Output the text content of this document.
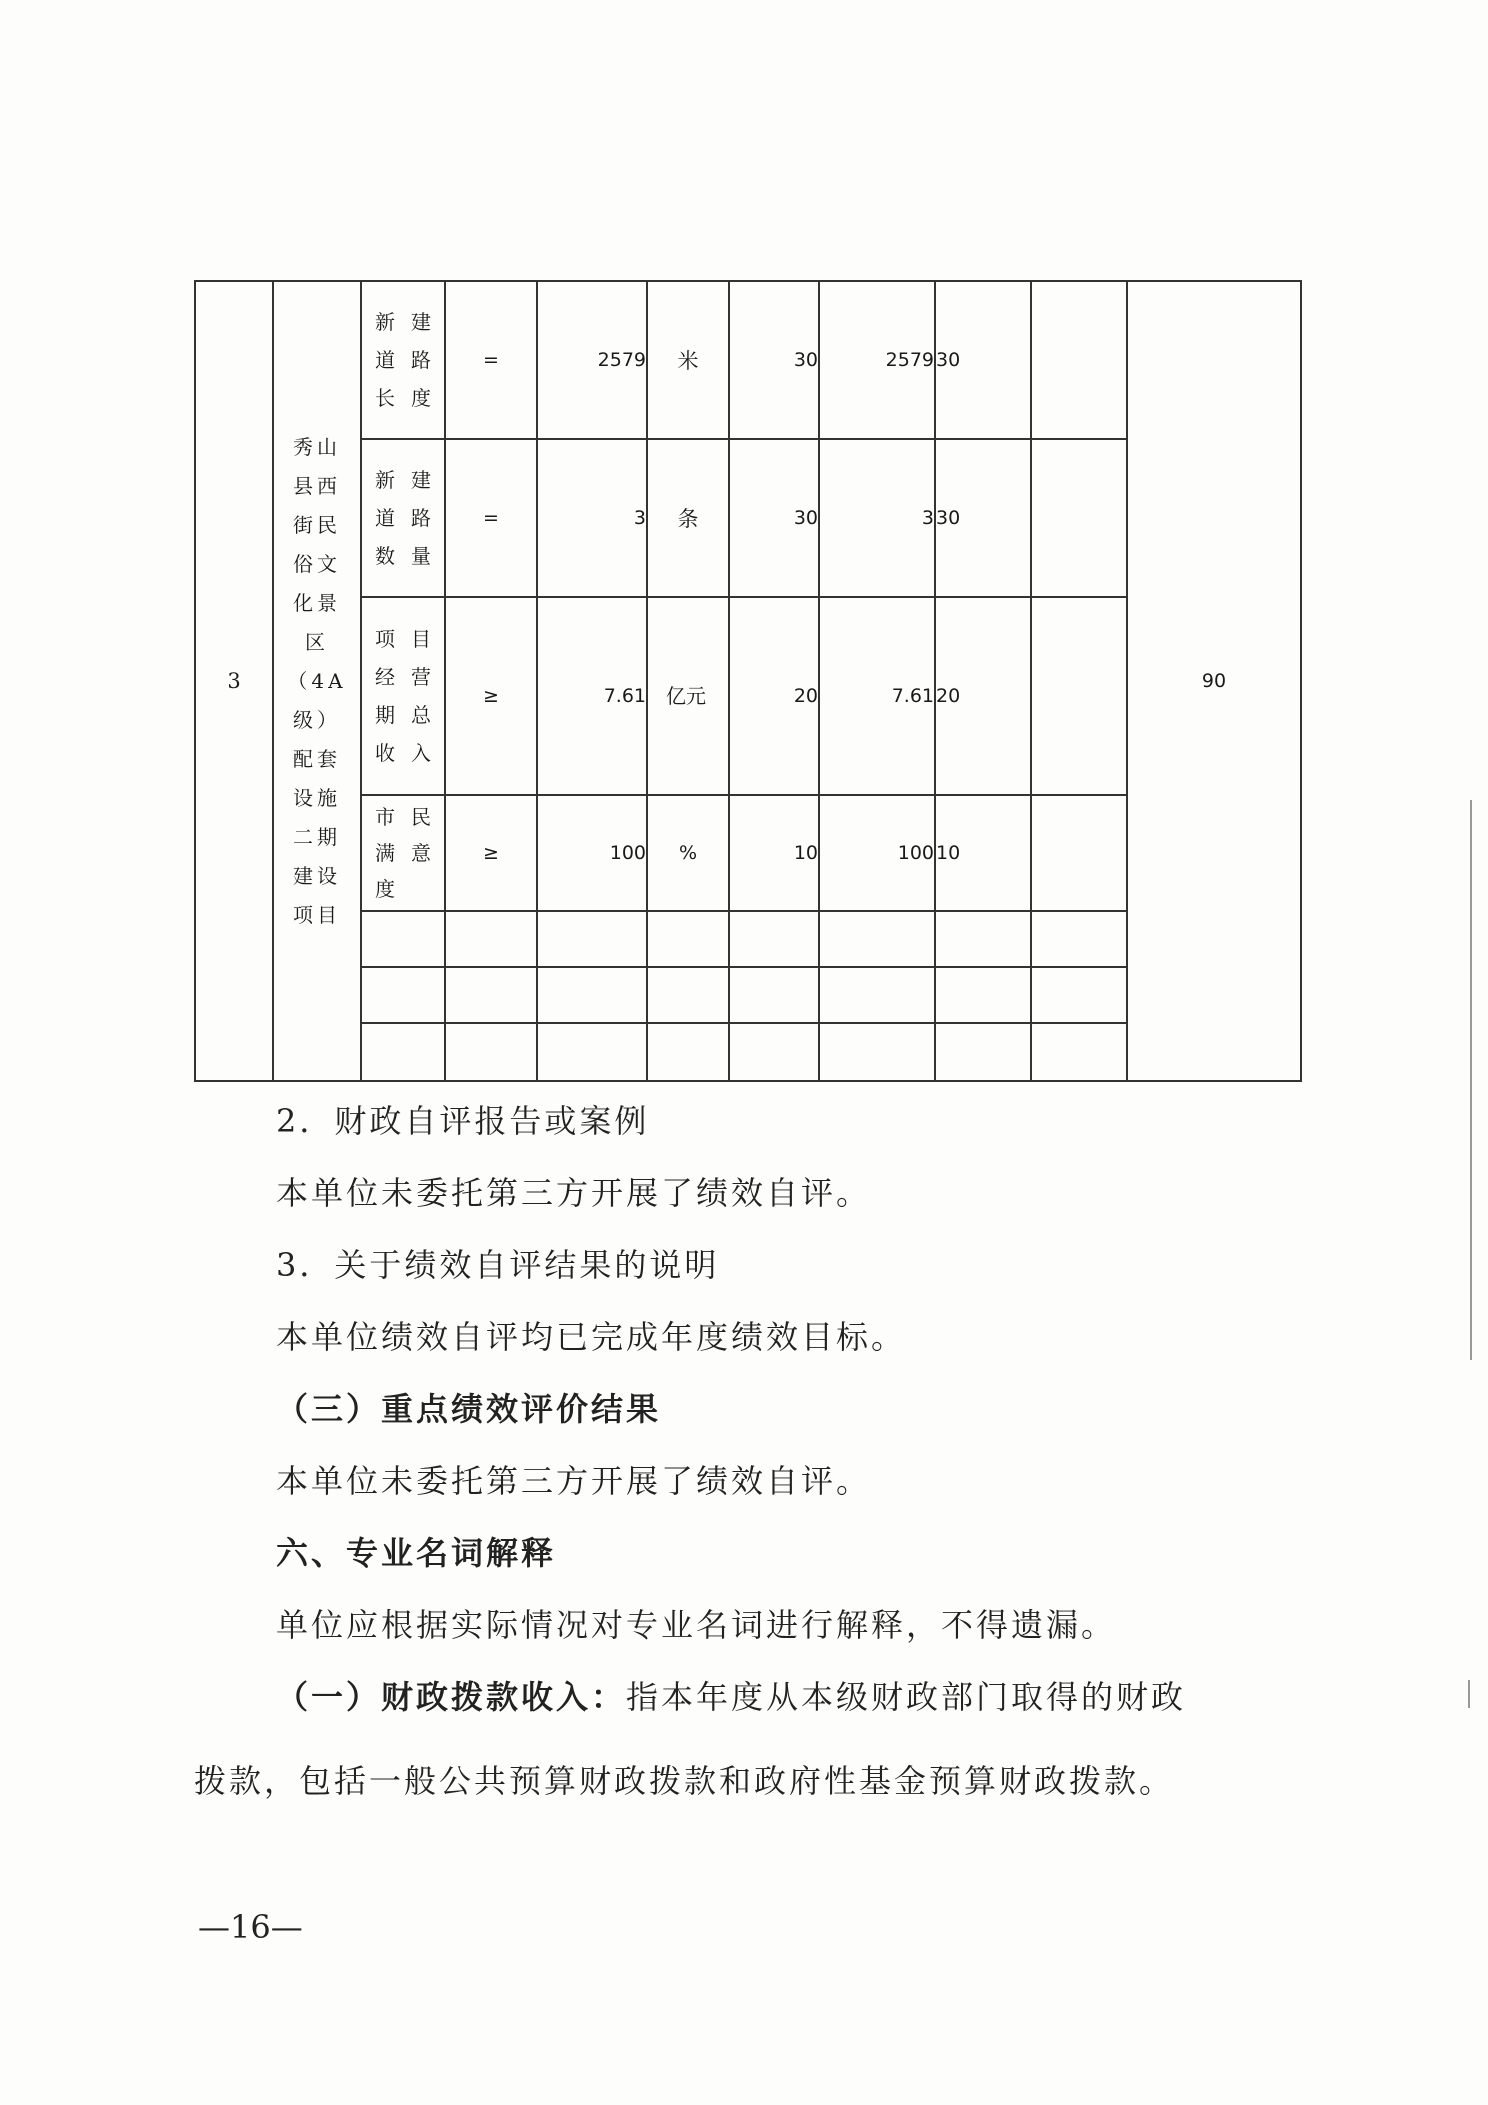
3	秀山县西街民俗文化景区（4A级）配套设施二期建设项目	新建道路长度	=	2579	米	30	2579	30		90

		新建道路数量	=	3	条	30	3	30		

		项目经营期总收入	≥	7.61	亿元	20	7.61	20		

		市民满意度	≥	100	%	10	100	10		

2．财政自评报告或案例
本单位未委托第三方开展了绩效自评。
3．关于绩效自评结果的说明
本单位绩效自评均已完成年度绩效目标。
（三）重点绩效评价结果
本单位未委托第三方开展了绩效自评。
六、专业名词解释
单位应根据实际情况对专业名词进行解释，不得遗漏。
（一）财政拨款收入：指本年度从本级财政部门取得的财政
拨款，包括一般公共预算财政拨款和政府性基金预算财政拨款。
—16—
